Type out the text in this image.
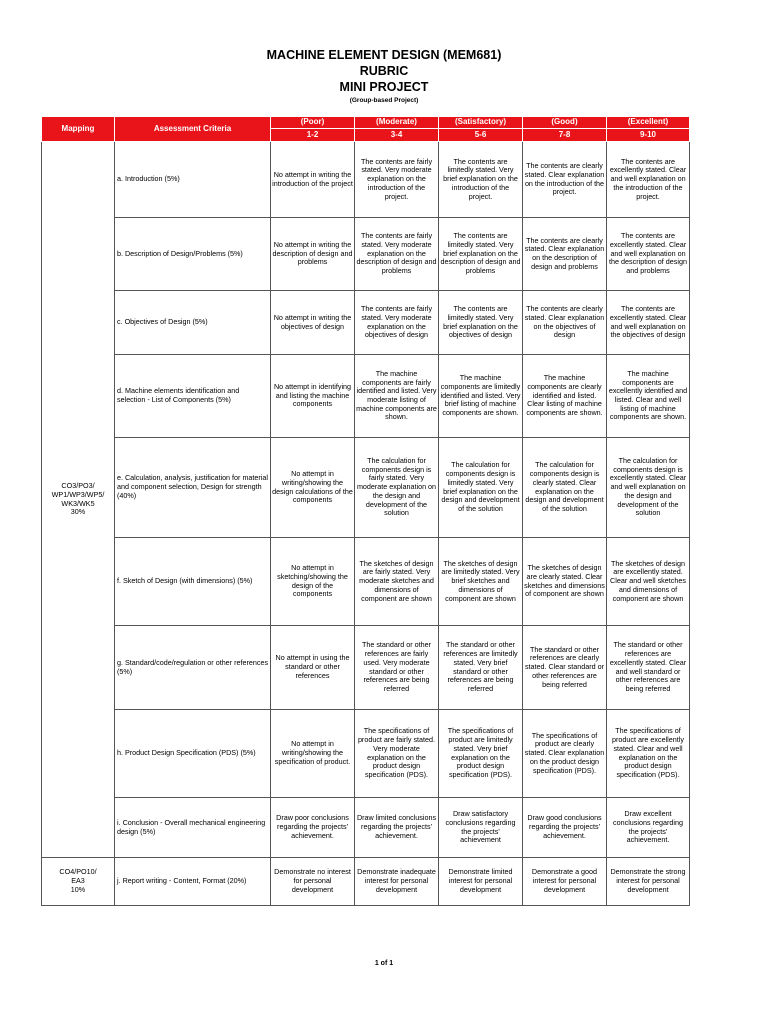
MACHINE ELEMENT DESIGN (MEM681)
RUBRIC
MINI PROJECT
(Group-based Project)
Mapping	Assessment Criteria	(Poor)	(Moderate)	(Satisfactory)	(Good)	(Excellent)
		1-2	3-4	5-6	7-8	9-10

CO3/PO3/
WP1/WP3/WP5/
WK3/WK5
30%	a. Introduction (5%)	No attempt in writing the introduction of the project	The contents are fairly stated. Very moderate explanation on the introduction of the project.	The contents are limitedly stated. Very brief explanation on the introduction of the project.	The contents are clearly stated. Clear explanation on the introduction of the project.	The contents are excellently stated. Clear and well explanation on the introduction of the project.
	b. Description of Design/Problems (5%)	No attempt in writing the description of design and problems	The contents are fairly stated. Very moderate explanation on the description of design and problems	The contents are limitedly stated. Very brief explanation on the description of design and problems	The contents are clearly stated. Clear explanation on the description of design and problems	The contents are excellently stated. Clear and well explanation on the description of design and problems
	c. Objectives of Design (5%)	No attempt in writing the objectives of design	The contents are fairly stated. Very moderate explanation on the objectives of design	The contents are limitedly stated. Very brief explanation on the objectives of design	The contents are clearly stated. Clear explanation on the objectives of design	The contents are excellently stated. Clear and well explanation on the objectives of design
	d. Machine elements identification and selection - List of Components (5%)	No attempt in identifying and listing the machine components	The machine components are fairly identified and listed. Very moderate listing of machine components are shown.	The machine components are limitedly identified and listed. Very brief listing of machine components are shown.	The machine components are clearly identified and listed. Clear listing of machine components are shown.	The machine components are excellently identified and listed. Clear and well listing of machine components are shown.
	e. Calculation, analysis, justification for material and component selection, Design for strength (40%)	No attempt in writing/showing the design calculations of the components	The calculation for components design is fairly stated. Very moderate explanation on the design and development of the solution	The calculation for components design is limitedly stated. Very brief explanation on the design and development of the solution	The calculation for components design is clearly stated. Clear explanation on the design and development of the solution	The calculation for components design is excellently stated. Clear and well explanation on the design and development of the solution
	f. Sketch of Design (with dimensions) (5%)	No attempt in sketching/showing the design of the components	The sketches of design are fairly stated. Very moderate sketches and dimensions of component are shown	The sketches of design are limitedly stated. Very brief sketches and dimensions of component are shown	The sketches of design are clearly stated. Clear sketches and dimensions of component are shown	The sketches of design are excellently stated. Clear and well sketches and dimensions of component are shown
	g. Standard/code/regulation or other references (5%)	No attempt in using the standard or other references	The standard or other references are fairly used. Very moderate standard or other references are being referred	The standard or other references are limitedly stated. Very brief standard or other references are being referred	The standard or other references are clearly stated. Clear standard or other references are being referred	The standard or other references are excellently stated. Clear and well standard or other references are being referred
	h. Product Design Specification (PDS) (5%)	No attempt in writing/showing the specification of product.	The specifications of product are fairly stated. Very moderate explanation on the product design specification (PDS).	The specifications of product are limitedly stated. Very brief explanation on the product design specification (PDS).	The specifications of product are clearly stated. Clear explanation on the product design specification (PDS).	The specifications of product are excellently stated. Clear and well explanation on the product design specification (PDS).
	i. Conclusion - Overall mechanical engineering design (5%)	Draw poor conclusions regarding the projects' achievement.	Draw limited conclusions regarding the projects' achievement.	Draw satisfactory conclusions regarding the projects' achievement	Draw good conclusions regarding the projects' achievement.	Draw excellent conclusions regarding the projects' achievement.

CO4/PO10/
EA3
10%	j. Report writing - Content, Format (20%)	Demonstrate no interest for personal development	Demonstrate inadequate interest for personal development	Demonstrate limited interest for personal development	Demonstrate a good interest for personal development	Demonstrate the strong interest for personal development
1 of 1
